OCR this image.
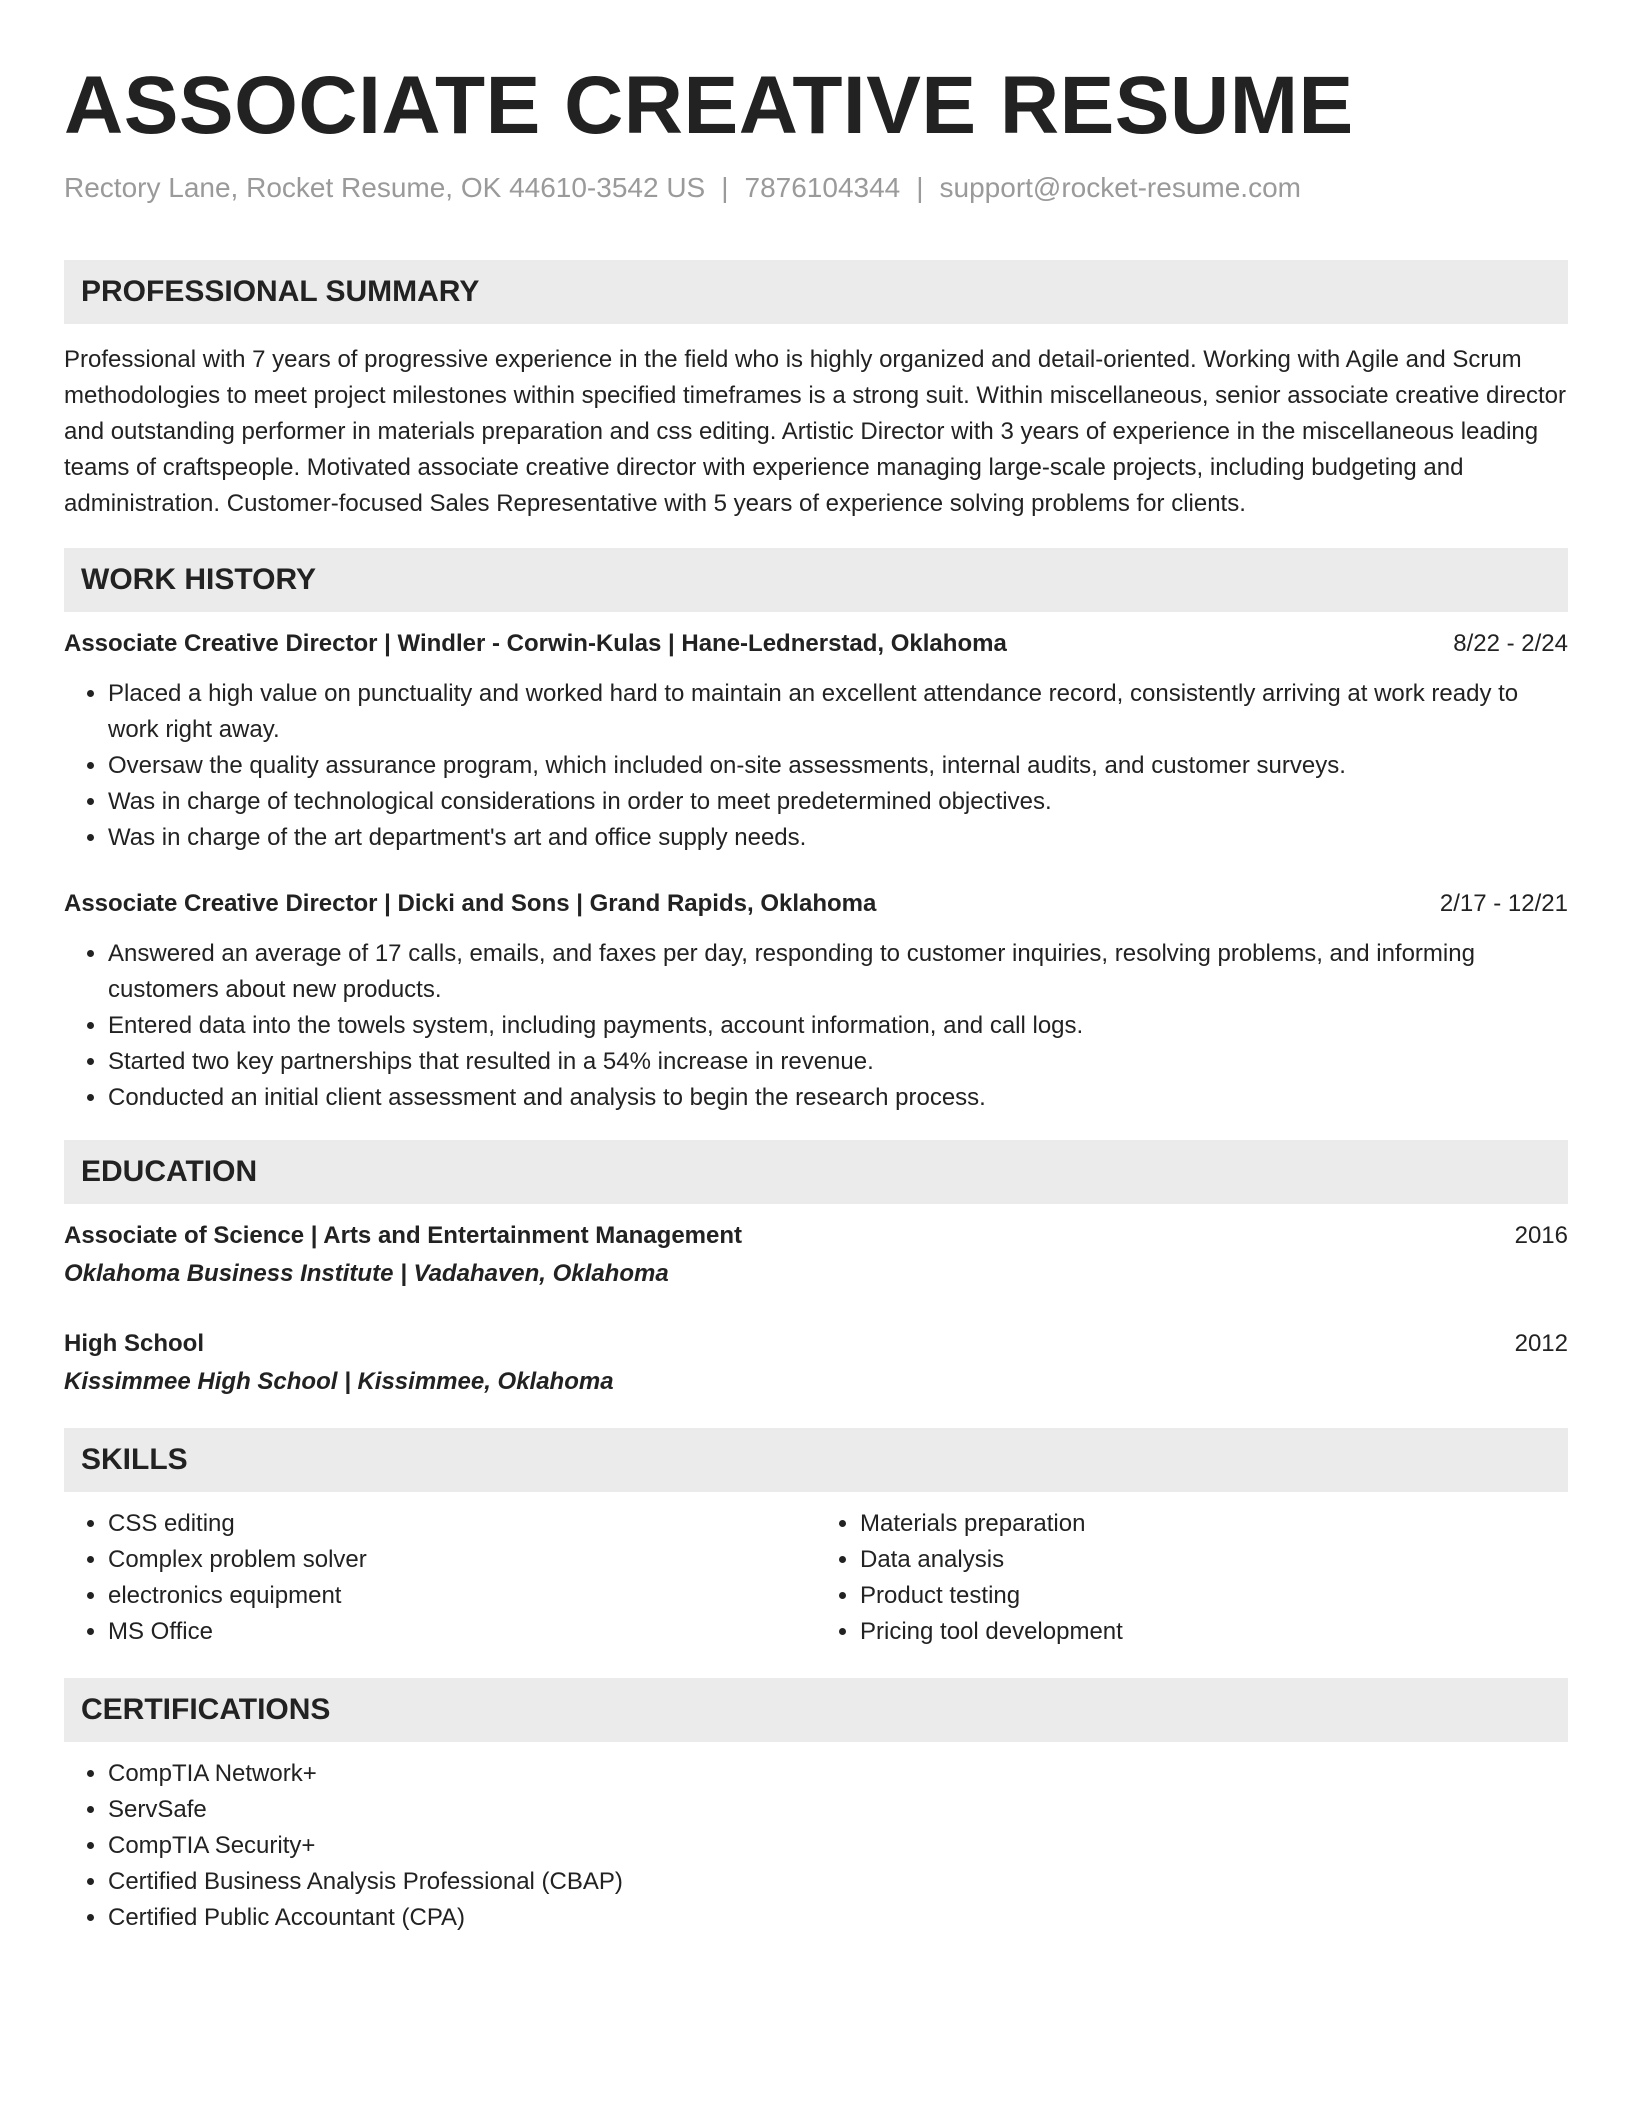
ASSOCIATE CREATIVE RESUME
Rectory Lane, Rocket Resume, OK 44610-3542 US | 7876104344 | support@rocket-resume.com
PROFESSIONAL SUMMARY

Professional with 7 years of progressive experience in the field who is highly organized and detail-oriented. Working with Agile and Scrum methodologies to meet project milestones within specified timeframes is a strong suit. Within miscellaneous, senior associate creative director and outstanding performer in materials preparation and css editing. Artistic Director with 3 years of experience in the miscellaneous leading teams of craftspeople. Motivated associate creative director with experience managing large-scale projects, including budgeting and administration. Customer-focused Sales Representative with 5 years of experience solving problems for clients.

WORK HISTORY
Associate Creative Director | Windler - Corwin-Kulas | Hane-Lednerstad, Oklahoma	8/22 - 2/24
• Placed a high value on punctuality and worked hard to maintain an excellent attendance record, consistently arriving at work ready to work right away.
• Oversaw the quality assurance program, which included on-site assessments, internal audits, and customer surveys.
• Was in charge of technological considerations in order to meet predetermined objectives.
• Was in charge of the art department's art and office supply needs.
Associate Creative Director | Dicki and Sons | Grand Rapids, Oklahoma	2/17 - 12/21
• Answered an average of 17 calls, emails, and faxes per day, responding to customer inquiries, resolving problems, and informing customers about new products.
• Entered data into the towels system, including payments, account information, and call logs.
• Started two key partnerships that resulted in a 54% increase in revenue.
• Conducted an initial client assessment and analysis to begin the research process.
EDUCATION
Associate of Science | Arts and Entertainment Management	2016
Oklahoma Business Institute | Vadahaven, Oklahoma
High School	2012
Kissimmee High School | Kissimmee, Oklahoma
SKILLS
• CSS editing
• Complex problem solver
• electronics equipment
• MS Office
• Materials preparation
• Data analysis
• Product testing
• Pricing tool development
CERTIFICATIONS
• CompTIA Network+
• ServSafe
• CompTIA Security+
• Certified Business Analysis Professional (CBAP)
• Certified Public Accountant (CPA)
